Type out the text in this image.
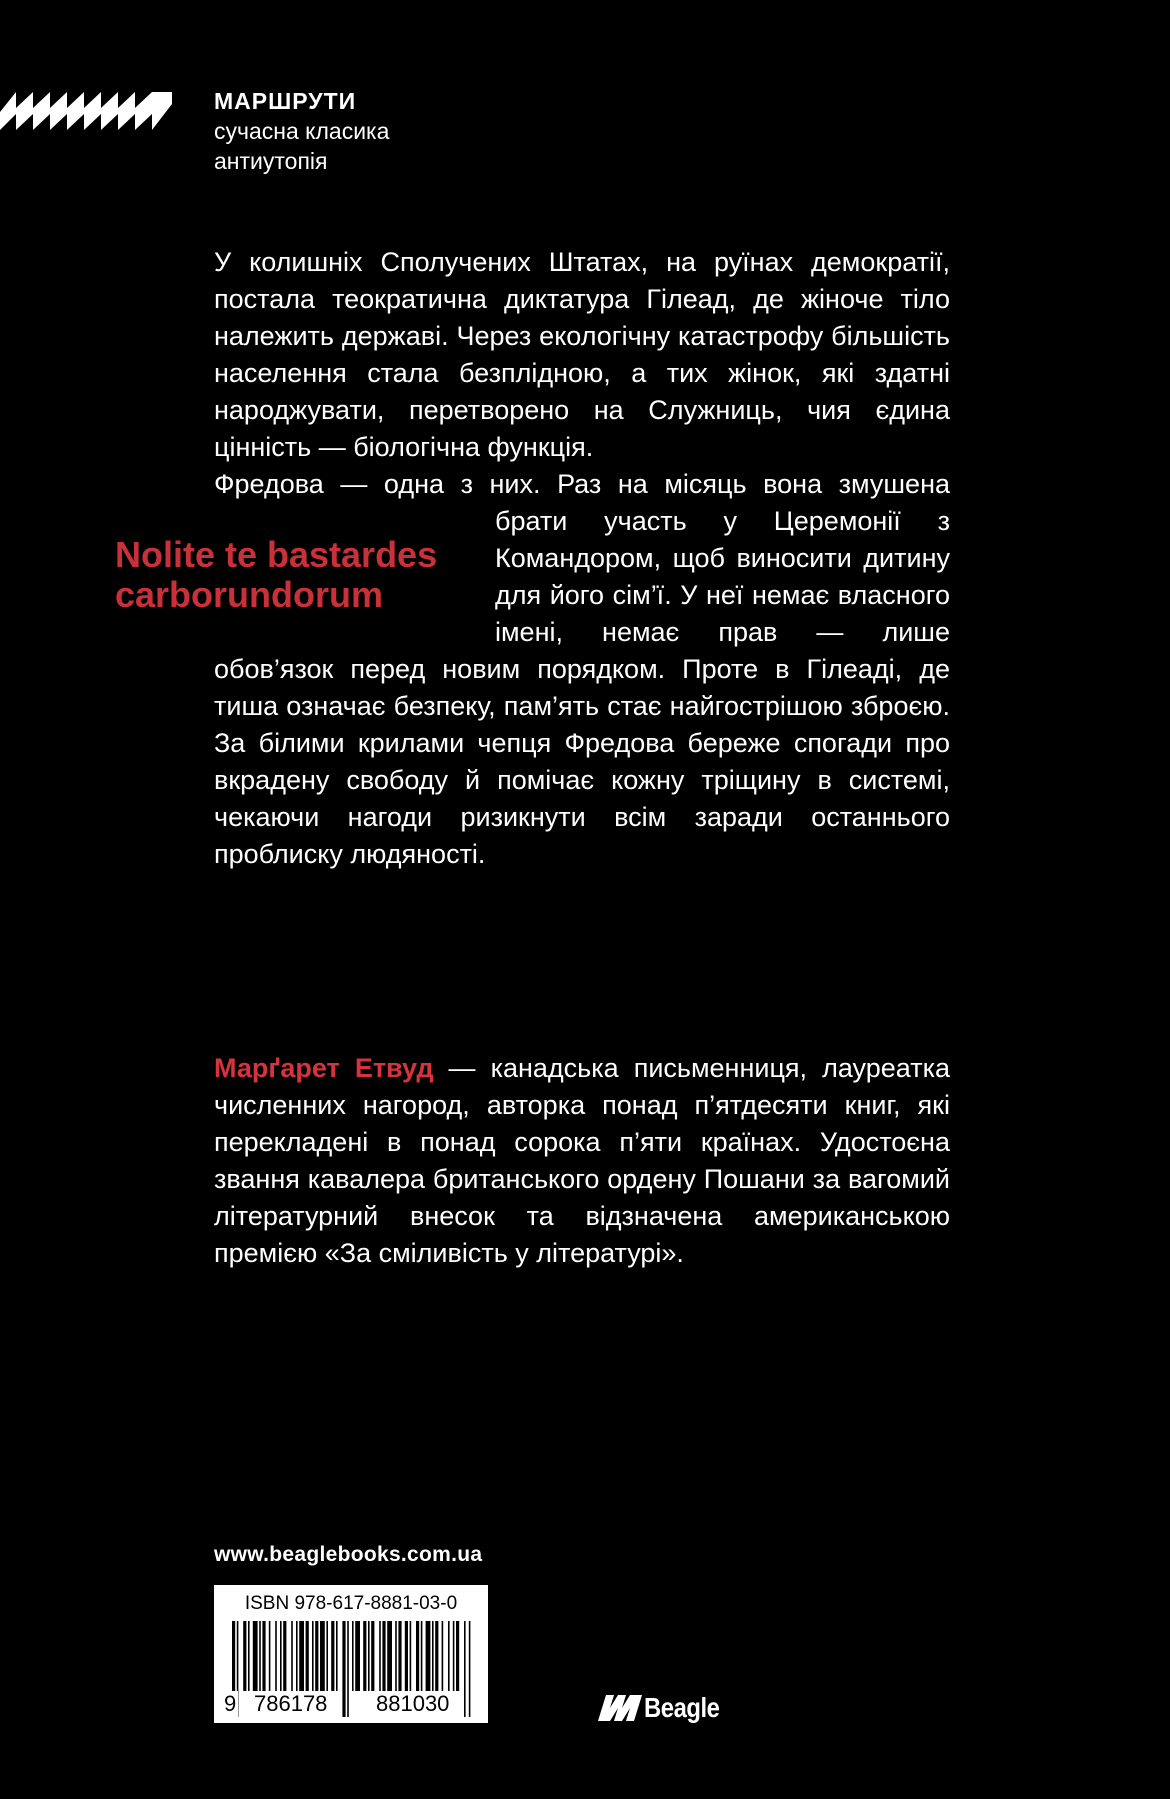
МАРШРУТИ
сучасна класика
антиутопія

У колишніх Сполучених Штатах, на руїнах демократії, постала теократична диктатура Гілеад, де жіноче тіло належить державі. Через екологічну катастрофу більшість населення стала безплідною, а тих жінок, які здатні народжувати, перетворено на Служниць, чия єдина цінність — біологічна функція.

Фредова — одна з них. Раз на місяць вона змушена

брати участь у Церемонії з Командором, щоб виносити дитину для його сім’ї. У неї немає власного імені, немає прав — лише

Nolite te bastardes
carborundorum

обов’язок перед новим порядком. Проте в Гілеаді, де тиша означає безпеку, пам’ять стає найгострішою зброєю. За білими крилами чепця Фредова береже спогади про вкрадену свободу й помічає кожну тріщину в системі, чекаючи нагоди ризикнути всім заради останнього проблиску людяності.

Марґарет Етвуд — канадська письменниця, лауреатка численних нагород, авторка понад п’ятдесяти книг, які перекладені в понад сорока п’яти країнах. Удостоєна звання кавалера британського ордену Пошани за вагомий літературний внесок та відзначена американською премією «За сміливість у літературі».

www.beaglebooks.com.ua
ISBN 978-617-8881-03-0
9 786178 881030	Beagle
